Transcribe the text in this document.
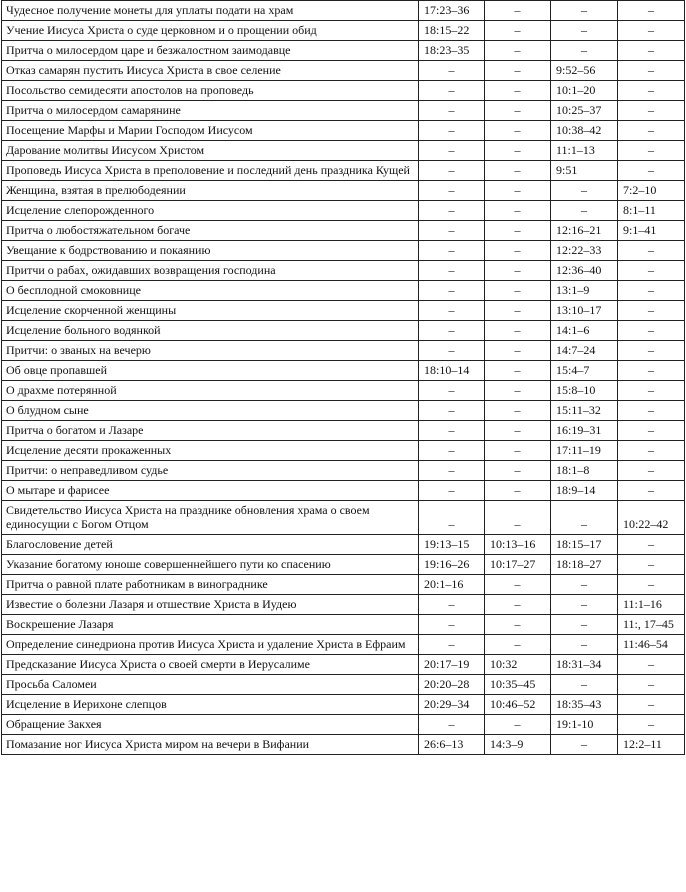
Чудесное получение монеты для уплаты подати на храм	17:23–36	–	–	–
Учение Иисуса Христа о суде церковном и о прощении обид	18:15–22	–	–	–
Притча о милосердом царе и безжалостном заимодавце	18:23–35	–	–	–
Отказ самарян пустить Иисуса Христа в свое селение	–	–	9:52–56	–
Посольство семидесяти апостолов на проповедь	–	–	10:1–20	–
Притча о милосердом самарянине	–	–	10:25–37	–
Посещение Марфы и Марии Господом Иисусом	–	–	10:38–42	–
Дарование молитвы Иисусом Христом	–	–	11:1–13	–
Проповедь Иисуса Христа в преполовение и последний день праздника Кущей	–	–	9:51	–
Женщина, взятая в прелюбодеянии	–	–	–	7:2–10
Исцеление слепорожденного	–	–	–	8:1–11
Притча о любостяжательном богаче	–	–	12:16–21	9:1–41
Увещание к бодрствованию и покаянию	–	–	12:22–33	–
Притчи о рабах, ожидавших возвращения господина	–	–	12:36–40	–
О бесплодной смоковнице	–	–	13:1–9	–
Исцеление скорченной женщины	–	–	13:10–17	–
Исцеление больного водянкой	–	–	14:1–6	–
Притчи: о званых на вечерю	–	–	14:7–24	–
Об овце пропавшей	18:10–14	–	15:4–7	–
О драхме потерянной	–	–	15:8–10	–
О блудном сыне	–	–	15:11–32	–
Притча о богатом и Лазаре	–	–	16:19–31	–
Исцеление десяти прокаженных	–	–	17:11–19	–
Притчи: о неправедливом судье	–	–	18:1–8	–
О мытаре и фарисее	–	–	18:9–14	–
Свидетельство Иисуса Христа на празднике обновления храма о своем единосущии с Богом Отцом	–	–	–	10:22–42
Благословение детей	19:13–15	10:13–16	18:15–17	–
Указание богатому юноше совершеннейшего пути ко спасению	19:16–26	10:17–27	18:18–27	–
Притча о равной плате работникам в винограднике	20:1–16	–	–	–
Известие о болезни Лазаря и отшествие Христа в Иудею	–	–	–	11:1–16
Воскрешение Лазаря	–	–	–	11:, 17–45
Определение синедриона против Иисуса Христа и удаление Христа в Ефраим	–	–	–	11:46–54
Предсказание Иисуса Христа о своей смерти в Иерусалиме	20:17–19	10:32	18:31–34	–
Просьба Саломеи	20:20–28	10:35–45	–	–
Исцеление в Иерихоне слепцов	20:29–34	10:46–52	18:35–43	–
Обращение Закхея	–	–	19:1-10	–
Помазание ног Иисуса Христа миром на вечери в Вифании	26:6–13	14:3–9	–	12:2–11
